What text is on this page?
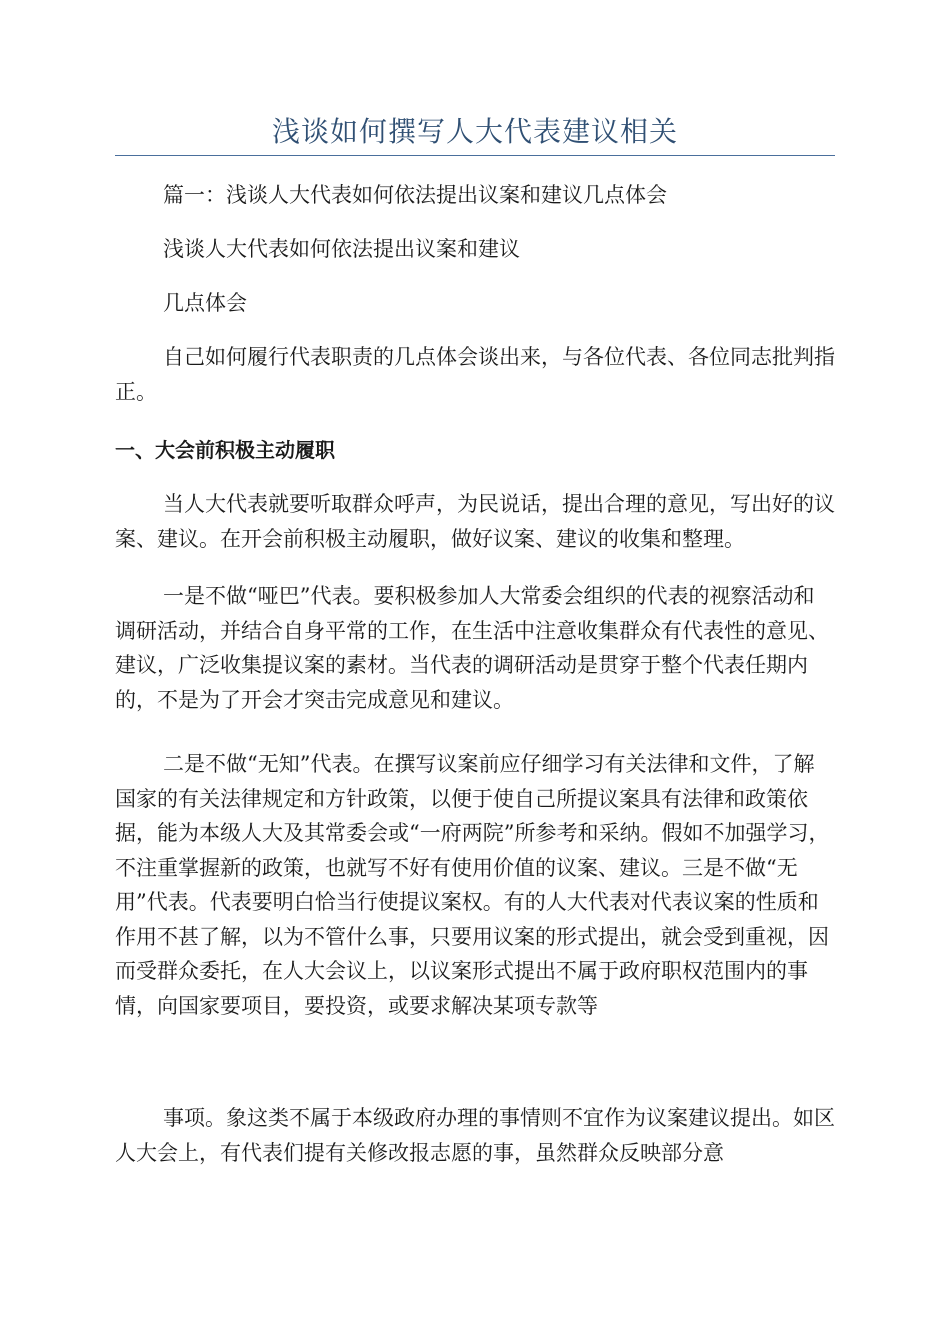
浅谈如何撰写人大代表建议相关

篇一：浅谈人大代表如何依法提出议案和建议几点体会

浅谈人大代表如何依法提出议案和建议

几点体会

自己如何履行代表职责的几点体会谈出来，与各位代表、各位同志批判指正。

一、大会前积极主动履职

当人大代表就要听取群众呼声，为民说话，提出合理的意见，写出好的议案、建议。在开会前积极主动履职，做好议案、建议的收集和整理。

一是不做“哑巴”代表。要积极参加人大常委会组织的代表的视察活动和调研活动，并结合自身平常的工作，在生活中注意收集群众有代表性的意见、建议，广泛收集提议案的素材。当代表的调研活动是贯穿于整个代表任期内的，不是为了开会才突击完成意见和建议。

二是不做“无知”代表。在撰写议案前应仔细学习有关法律和文件，了解国家的有关法律规定和方针政策，以便于使自己所提议案具有法律和政策依据，能为本级人大及其常委会或“一府两院”所参考和采纳。假如不加强学习，不注重掌握新的政策，也就写不好有使用价值的议案、建议。三是不做“无用”代表。代表要明白恰当行使提议案权。有的人大代表对代表议案的性质和作用不甚了解，以为不管什么事，只要用议案的形式提出，就会受到重视，因而受群众委托，在人大会议上，以议案形式提出不属于政府职权范围内的事情，向国家要项目，要投资，或要求解决某项专款等

事项。象这类不属于本级政府办理的事情则不宜作为议案建议提出。如区人大会上，有代表们提有关修改报志愿的事，虽然群众反映部分意
